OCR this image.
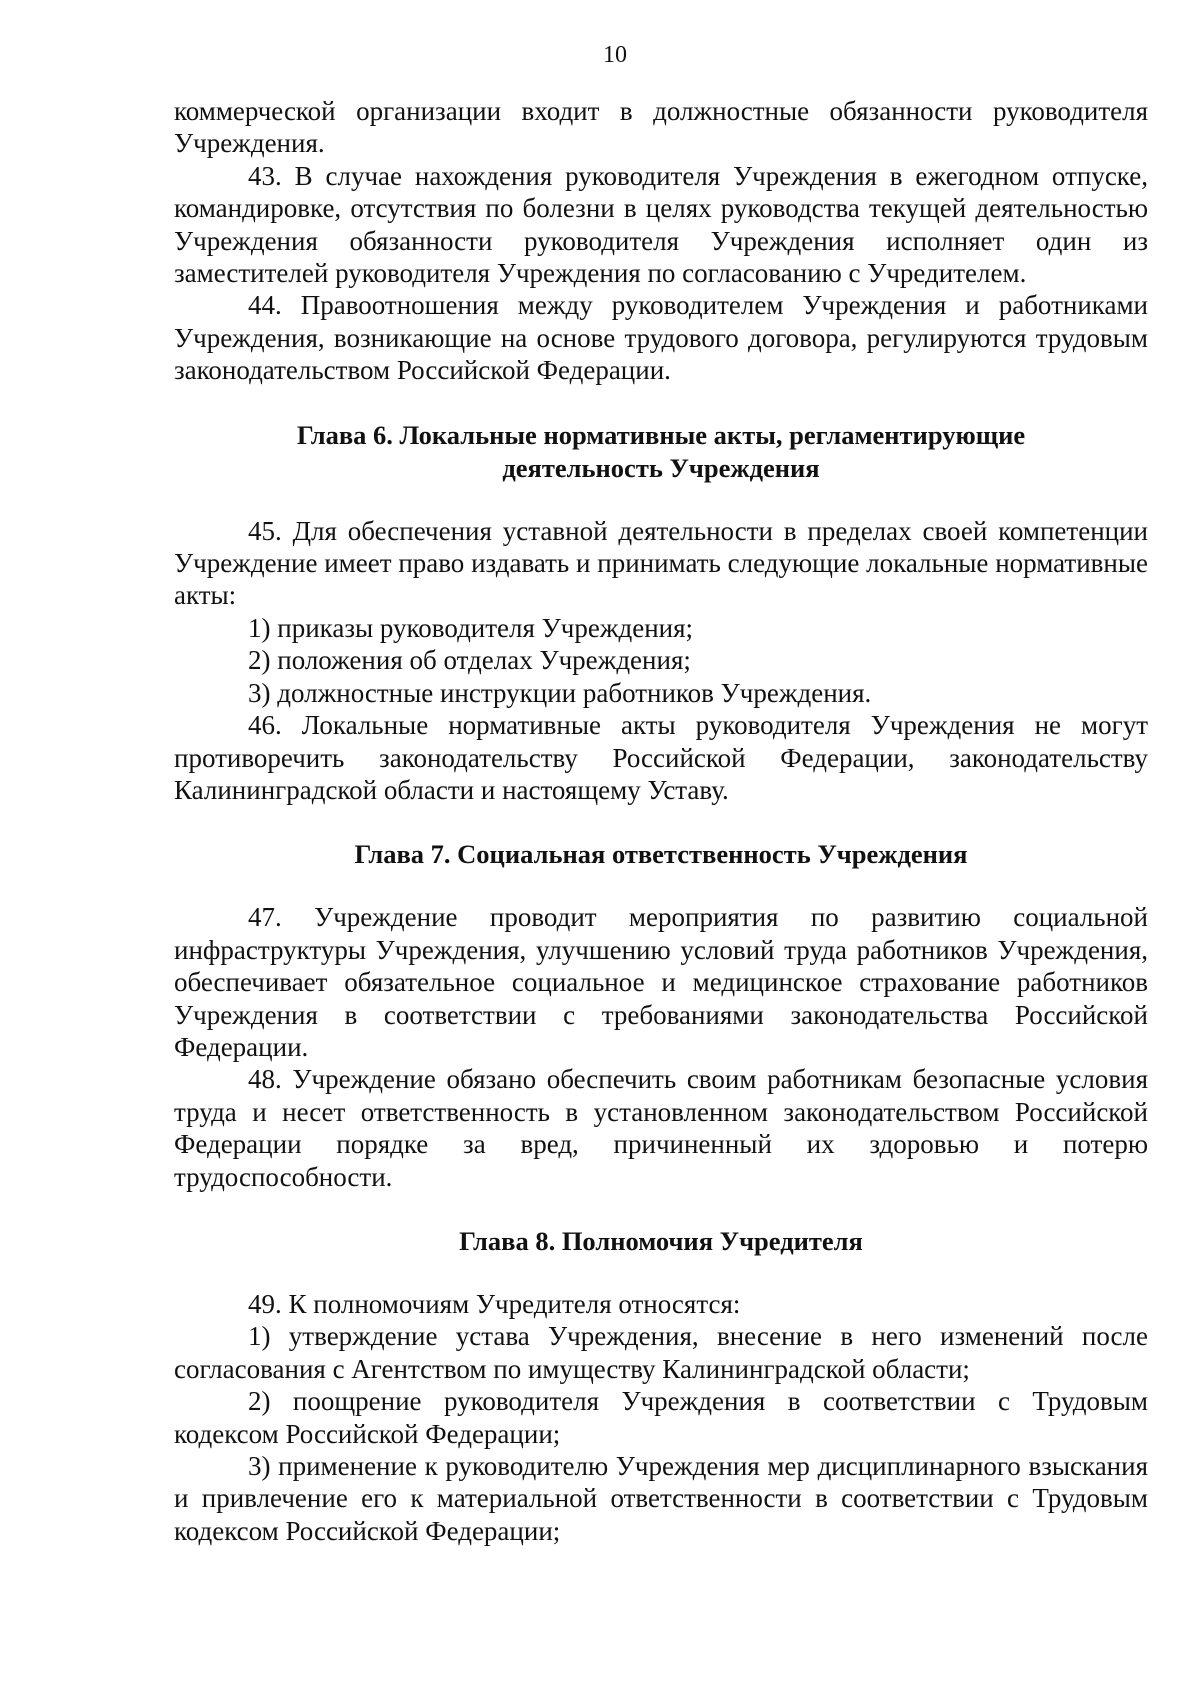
10

коммерческой организации входит в должностные обязанности руководителя Учреждения.

43. В случае нахождения руководителя Учреждения в ежегодном отпуске, командировке, отсутствия по болезни в целях руководства текущей деятельностью Учреждения обязанности руководителя Учреждения исполняет один из заместителей руководителя Учреждения по согласованию с Учредителем.

44. Правоотношения между руководителем Учреждения и работниками Учреждения, возникающие на основе трудового договора, регулируются трудовым законодательством Российской Федерации.

Глава 6. Локальные нормативные акты, регламентирующие
деятельность Учреждения

45. Для обеспечения уставной деятельности в пределах своей компетенции Учреждение имеет право издавать и принимать следующие локальные нормативные акты:

1) приказы руководителя Учреждения;

2) положения об отделах Учреждения;

3) должностные инструкции работников Учреждения.

46. Локальные нормативные акты руководителя Учреждения не могут противоречить законодательству Российской Федерации, законодательству Калининградской области и настоящему Уставу.

Глава 7. Социальная ответственность Учреждения

47. Учреждение проводит мероприятия по развитию социальной инфраструктуры Учреждения, улучшению условий труда работников Учреждения, обеспечивает обязательное социальное и медицинское страхование работников Учреждения в соответствии с требованиями законодательства Российской Федерации.

48. Учреждение обязано обеспечить своим работникам безопасные условия труда и несет ответственность в установленном законодательством Российской Федерации порядке за вред, причиненный их здоровью и потерю трудоспособности.

Глава 8. Полномочия Учредителя

49. К полномочиям Учредителя относятся:

1) утверждение устава Учреждения, внесение в него изменений после согласования с Агентством по имуществу Калининградской области;

2) поощрение руководителя Учреждения в соответствии с Трудовым кодексом Российской Федерации;

3) применение к руководителю Учреждения мер дисциплинарного взыскания и привлечение его к материальной ответственности в соответствии с Трудовым кодексом Российской Федерации;
